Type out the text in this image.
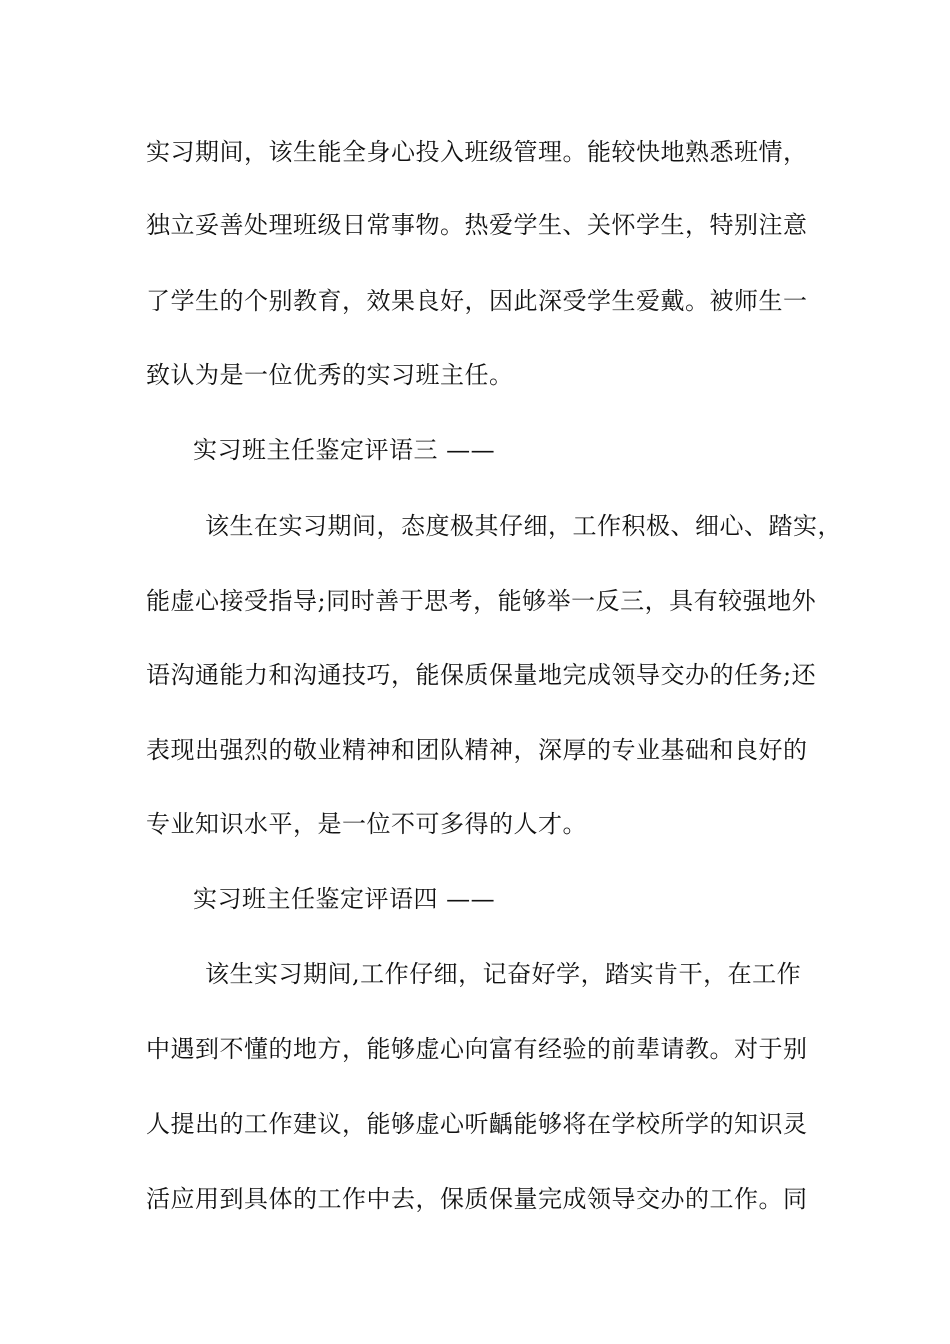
实习期间，该生能全身心投入班级管理。能较快地熟悉班情，

独立妥善处理班级日常事物。热爱学生、关怀学生，特别注意

了学生的个别教育，效果良好，因此深受学生爱戴。被师生一

致认为是一位优秀的实习班主任。

实习班主任鉴定评语三 ——

该生在实习期间，态度极其仔细，工作积极、细心、踏实，

能虚心接受指导;同时善于思考，能够举一反三，具有较强地外

语沟通能力和沟通技巧，能保质保量地完成领导交办的任务;还

表现出强烈的敬业精神和团队精神，深厚的专业基础和良好的

专业知识水平，是一位不可多得的人才。

实习班主任鉴定评语四 ——

该生实习期间,工作仔细，记奋好学，踏实肯干，在工作

中遇到不懂的地方，能够虚心向富有经验的前辈请教。对于别

人提出的工作建议，能够虚心听齲能够将在学校所学的知识灵

活应用到具体的工作中去，保质保量完成领导交办的工作。同
